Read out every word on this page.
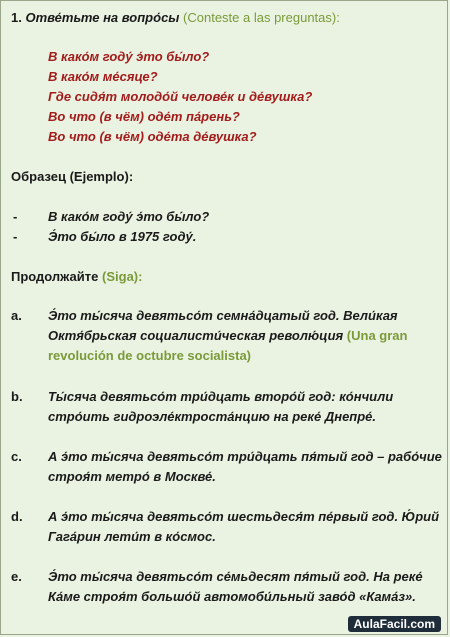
1. Отве́тьте на вопро́сы (Conteste a las preguntas):
В како́м году́ э́то бы́ло?
В како́м ме́сяце?
Где сидя́т молодо́й челове́к и де́вушка?
Во что (в чём) оде́т па́рень?
Во что (в чём) оде́та де́вушка?
Образец (Ejemplo):
- В како́м году́ э́то бы́ло?
- Э́то бы́ло в 1975 году́.
Продолжайте (Siga):
a. Э́то ты́сяча девятьсо́т семна́дцатый год. Вели́кая
Октя́брьская социалисти́ческая револю́ция (Una gran
revolución de octubre socialista)
b. Ты́сяча девятьсо́т три́дцать второ́й год: ко́нчили
стро́ить гидроэле́ктроста́нцию на реке́ Днепре́.
c. А э́то ты́сяча девятьсо́т три́дцать пя́тый год – рабо́чие
строя́т метро́ в Москве́.
d. А э́то ты́сяча девятьсо́т шестьдеся́т пе́рвый год. Ю́рий
Гага́рин лети́т в ко́смос.
e. Э́то ты́сяча девятьсо́т се́мьдесят пя́тый год. На реке́
Ка́ме строя́т большо́й автомоби́льный заво́д «Кама́з».
AulaFacil.com
